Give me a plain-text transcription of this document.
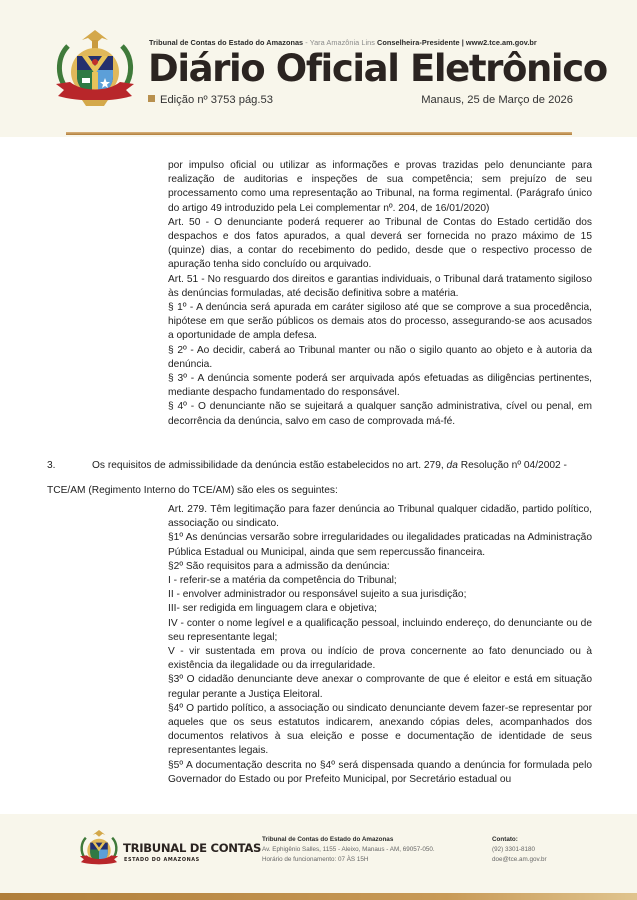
Tribunal de Contas do Estado do Amazonas - Yara Amazônia Lins Conselheira-Presidente | www2.tce.am.gov.br
Diário Oficial Eletrônico
Edição nº 3753 pág.53	Manaus, 25 de Março de 2026

por impulso oficial ou utilizar as informações e provas trazidas pelo denunciante para realização de auditorias e inspeções de sua competência; sem prejuízo de seu processamento como uma representação ao Tribunal, na forma regimental. (Parágrafo único do artigo 49 introduzido pela Lei complementar nº. 204, de 16/01/2020)

Art. 50 - O denunciante poderá requerer ao Tribunal de Contas do Estado certidão dos despachos e dos fatos apurados, a qual deverá ser fornecida no prazo máximo de 15 (quinze) dias, a contar do recebimento do pedido, desde que o respectivo processo de apuração tenha sido concluído ou arquivado.

Art. 51 - No resguardo dos direitos e garantias individuais, o Tribunal dará tratamento sigiloso às denúncias formuladas, até decisão definitiva sobre a matéria.

§ 1º - A denúncia será apurada em caráter sigiloso até que se comprove a sua procedência, hipótese em que serão públicos os demais atos do processo, assegurando-se aos acusados a oportunidade de ampla defesa.

§ 2º - Ao decidir, caberá ao Tribunal manter ou não o sigilo quanto ao objeto e à autoria da denúncia.

§ 3º - A denúncia somente poderá ser arquivada após efetuadas as diligências pertinentes, mediante despacho fundamentado do responsável.

§ 4º - O denunciante não se sujeitará a qualquer sanção administrativa, cível ou penal, em decorrência da denúncia, salvo em caso de comprovada má-fé.

3.	Os requisitos de admissibilidade da denúncia estão estabelecidos no art. 279, da Resolução nº 04/2002 - TCE/AM (Regimento Interno do TCE/AM) são eles os seguintes:

Art. 279. Têm legitimação para fazer denúncia ao Tribunal qualquer cidadão, partido político, associação ou sindicato.

§1º As denúncias versarão sobre irregularidades ou ilegalidades praticadas na Administração Pública Estadual ou Municipal, ainda que sem repercussão financeira.

§2º São requisitos para a admissão da denúncia:

I - referir-se a matéria da competência do Tribunal;

II - envolver administrador ou responsável sujeito a sua jurisdição;

III- ser redigida em linguagem clara e objetiva;

IV - conter o nome legível e a qualificação pessoal, incluindo endereço, do denunciante ou de seu representante legal;

V - vir sustentada em prova ou indício de prova concernente ao fato denunciado ou à existência da ilegalidade ou da irregularidade.

§3º O cidadão denunciante deve anexar o comprovante de que é eleitor e está em situação regular perante a Justiça Eleitoral.

§4º O partido político, a associação ou sindicato denunciante devem fazer-se representar por aqueles que os seus estatutos indicarem, anexando cópias deles, acompanhados dos documentos relativos à sua eleição e posse e documentação de identidade de seus representantes legais.

§5º A documentação descrita no §4º será dispensada quando a denúncia for formulada pelo Governador do Estado ou por Prefeito Municipal, por Secretário estadual ou

TRIBUNAL DE CONTAS
ESTADO DO AMAZONAS
Tribunal de Contas do Estado do Amazonas
Av. Ephigênio Salles, 1155 - Aleixo, Manaus - AM, 69057-050.
Horário de funcionamento: 07 ÀS 15H
Contato:
(92) 3301-8180
doe@tce.am.gov.br
